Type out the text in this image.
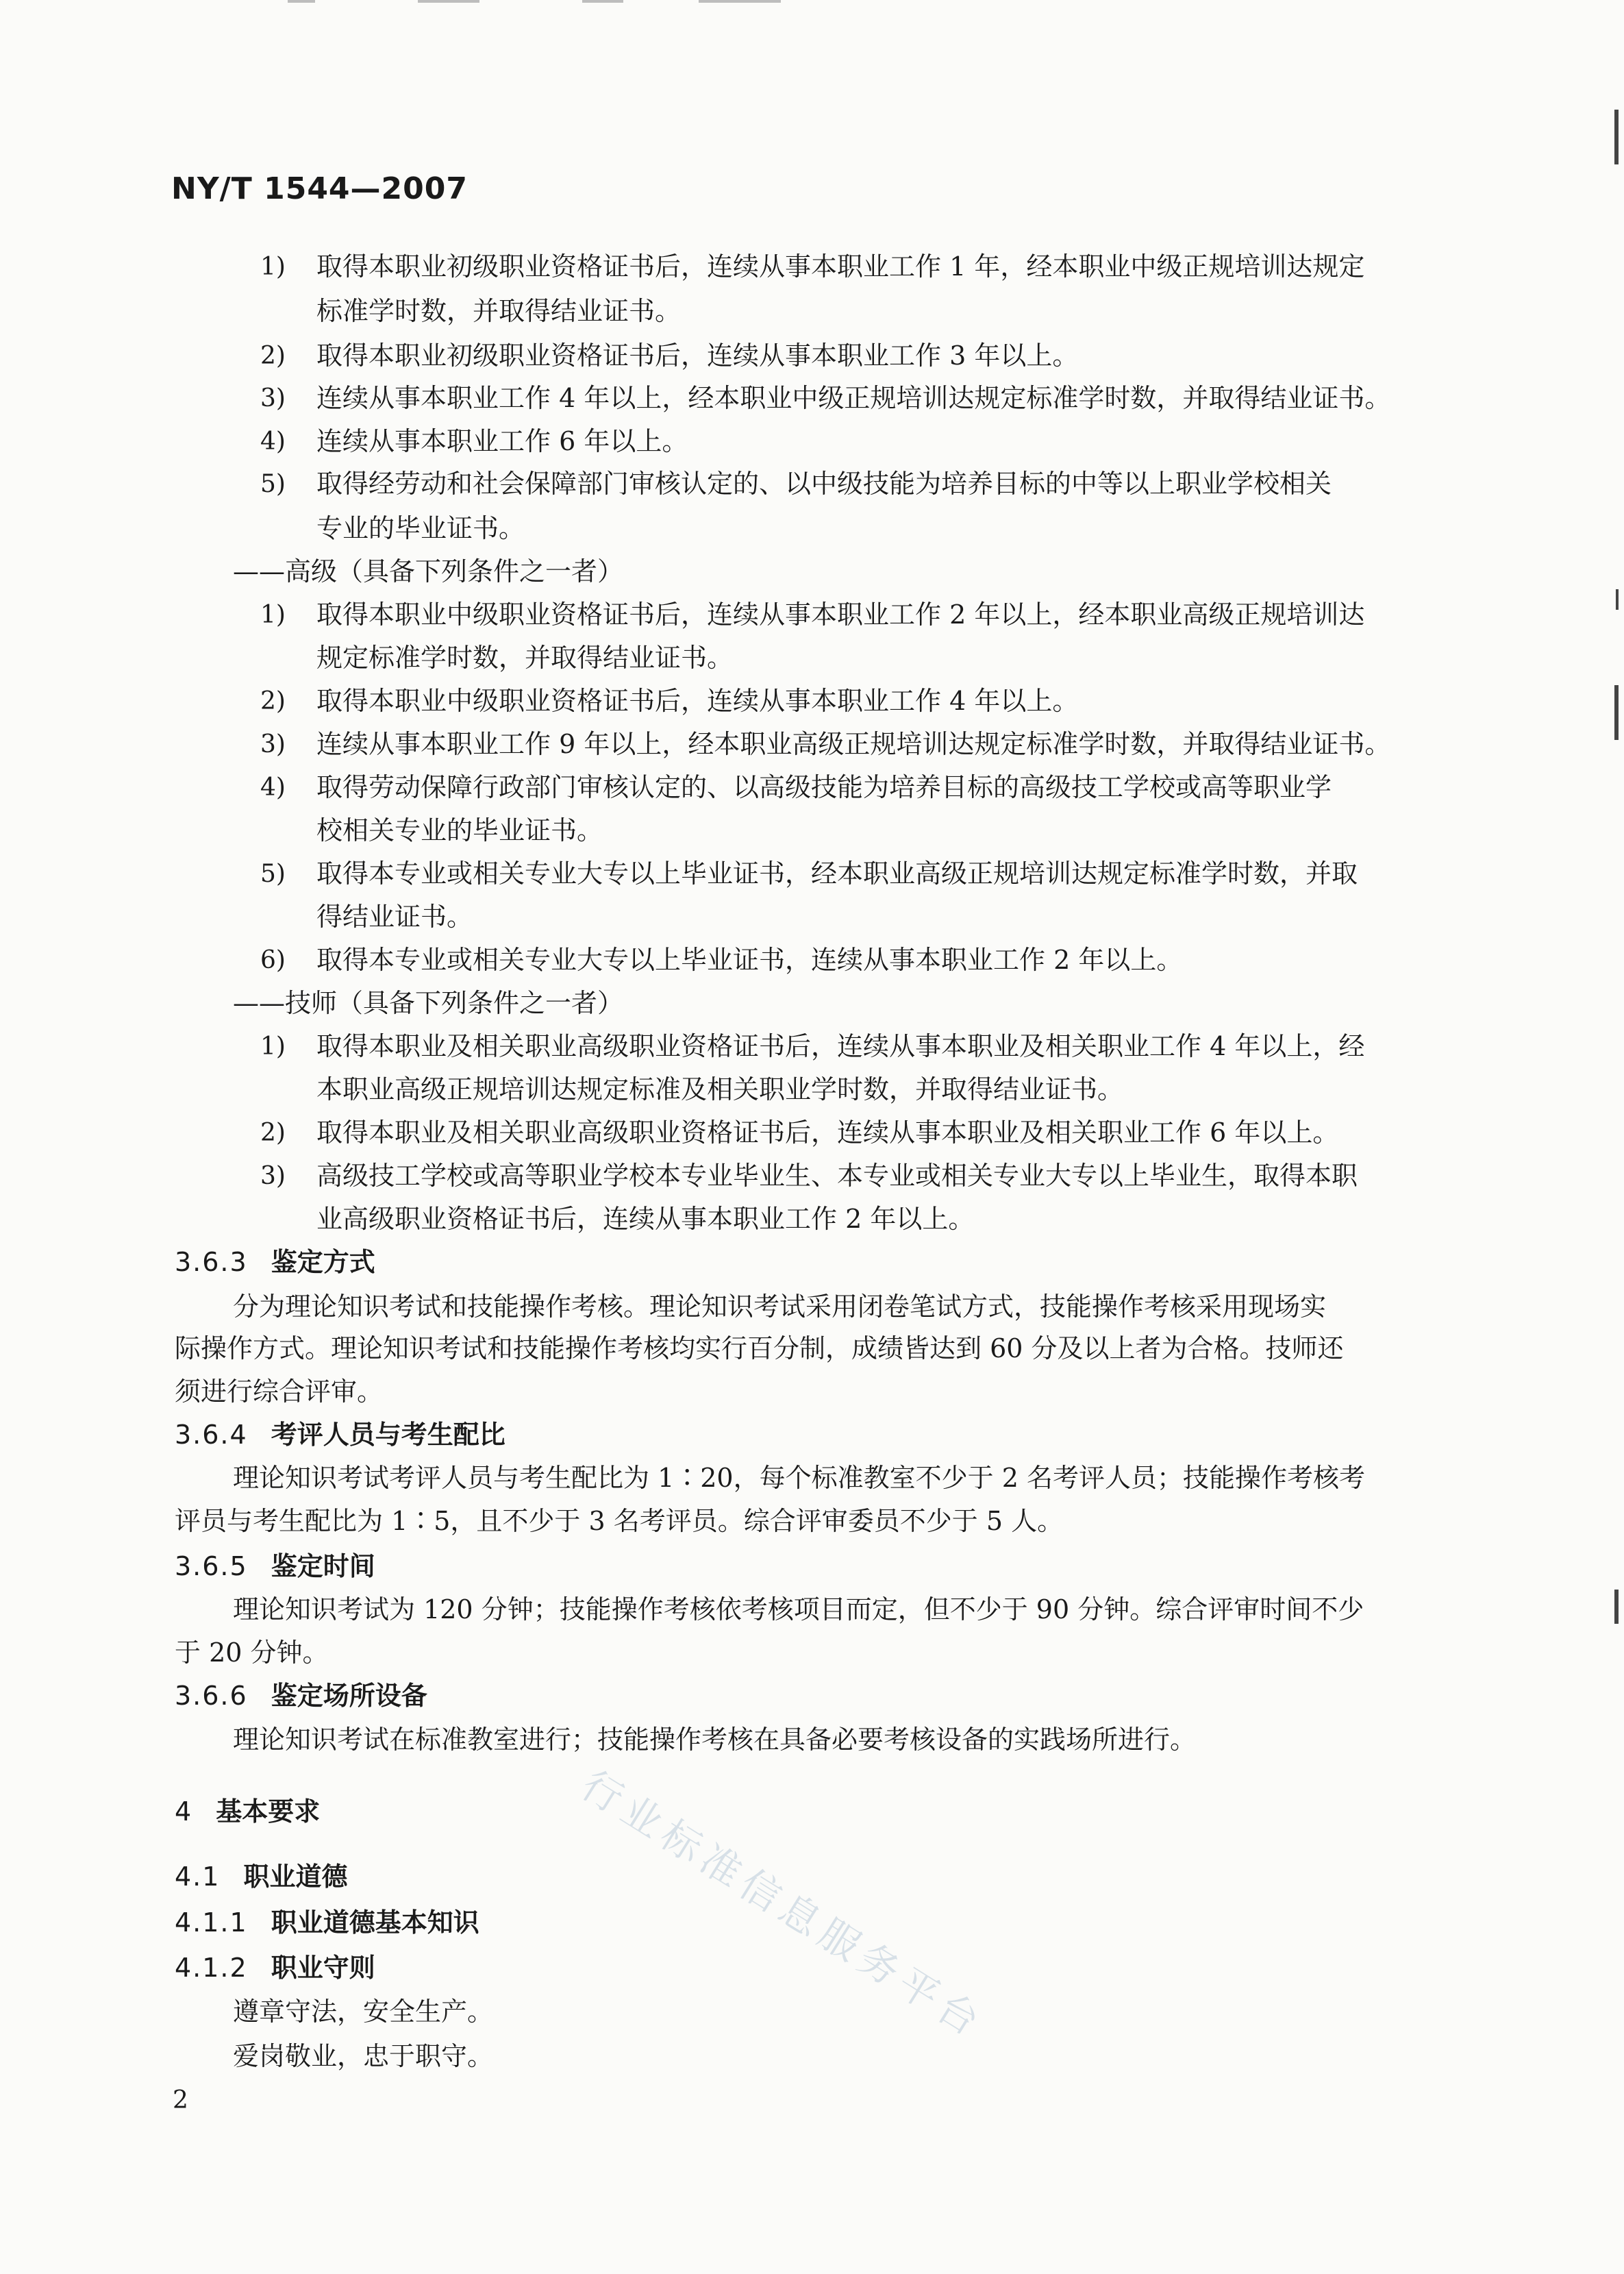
NY/T 1544—2007
1) 取得本职业初级职业资格证书后，连续从事本职业工作 1 年，经本职业中级正规培训达规定
标准学时数，并取得结业证书。
2) 取得本职业初级职业资格证书后，连续从事本职业工作 3 年以上。
3) 连续从事本职业工作 4 年以上，经本职业中级正规培训达规定标准学时数，并取得结业证书。
4) 连续从事本职业工作 6 年以上。
5) 取得经劳动和社会保障部门审核认定的、以中级技能为培养目标的中等以上职业学校相关
专业的毕业证书。
——高级（具备下列条件之一者）
1) 取得本职业中级职业资格证书后，连续从事本职业工作 2 年以上，经本职业高级正规培训达
规定标准学时数，并取得结业证书。
2) 取得本职业中级职业资格证书后，连续从事本职业工作 4 年以上。
3) 连续从事本职业工作 9 年以上，经本职业高级正规培训达规定标准学时数，并取得结业证书。
4) 取得劳动保障行政部门审核认定的、以高级技能为培养目标的高级技工学校或高等职业学
校相关专业的毕业证书。
5) 取得本专业或相关专业大专以上毕业证书，经本职业高级正规培训达规定标准学时数，并取
得结业证书。
6) 取得本专业或相关专业大专以上毕业证书，连续从事本职业工作 2 年以上。
——技师（具备下列条件之一者）
1) 取得本职业及相关职业高级职业资格证书后，连续从事本职业及相关职业工作 4 年以上，经
本职业高级正规培训达规定标准及相关职业学时数，并取得结业证书。
2) 取得本职业及相关职业高级职业资格证书后，连续从事本职业及相关职业工作 6 年以上。
3) 高级技工学校或高等职业学校本专业毕业生、本专业或相关专业大专以上毕业生，取得本职
业高级职业资格证书后，连续从事本职业工作 2 年以上。
3.6.3 鉴定方式
分为理论知识考试和技能操作考核。理论知识考试采用闭卷笔试方式，技能操作考核采用现场实
际操作方式。理论知识考试和技能操作考核均实行百分制，成绩皆达到 60 分及以上者为合格。技师还
须进行综合评审。
3.6.4 考评人员与考生配比
理论知识考试考评人员与考生配比为 1∶20，每个标准教室不少于 2 名考评人员；技能操作考核考
评员与考生配比为 1∶5，且不少于 3 名考评员。综合评审委员不少于 5 人。
3.6.5 鉴定时间
理论知识考试为 120 分钟；技能操作考核依考核项目而定，但不少于 90 分钟。综合评审时间不少
于 20 分钟。
3.6.6 鉴定场所设备
理论知识考试在标准教室进行；技能操作考核在具备必要考核设备的实践场所进行。
4 基本要求
4.1 职业道德
4.1.1 职业道德基本知识
4.1.2 职业守则
遵章守法，安全生产。
爱岗敬业，忠于职守。
2
行业标准信息服务平台
